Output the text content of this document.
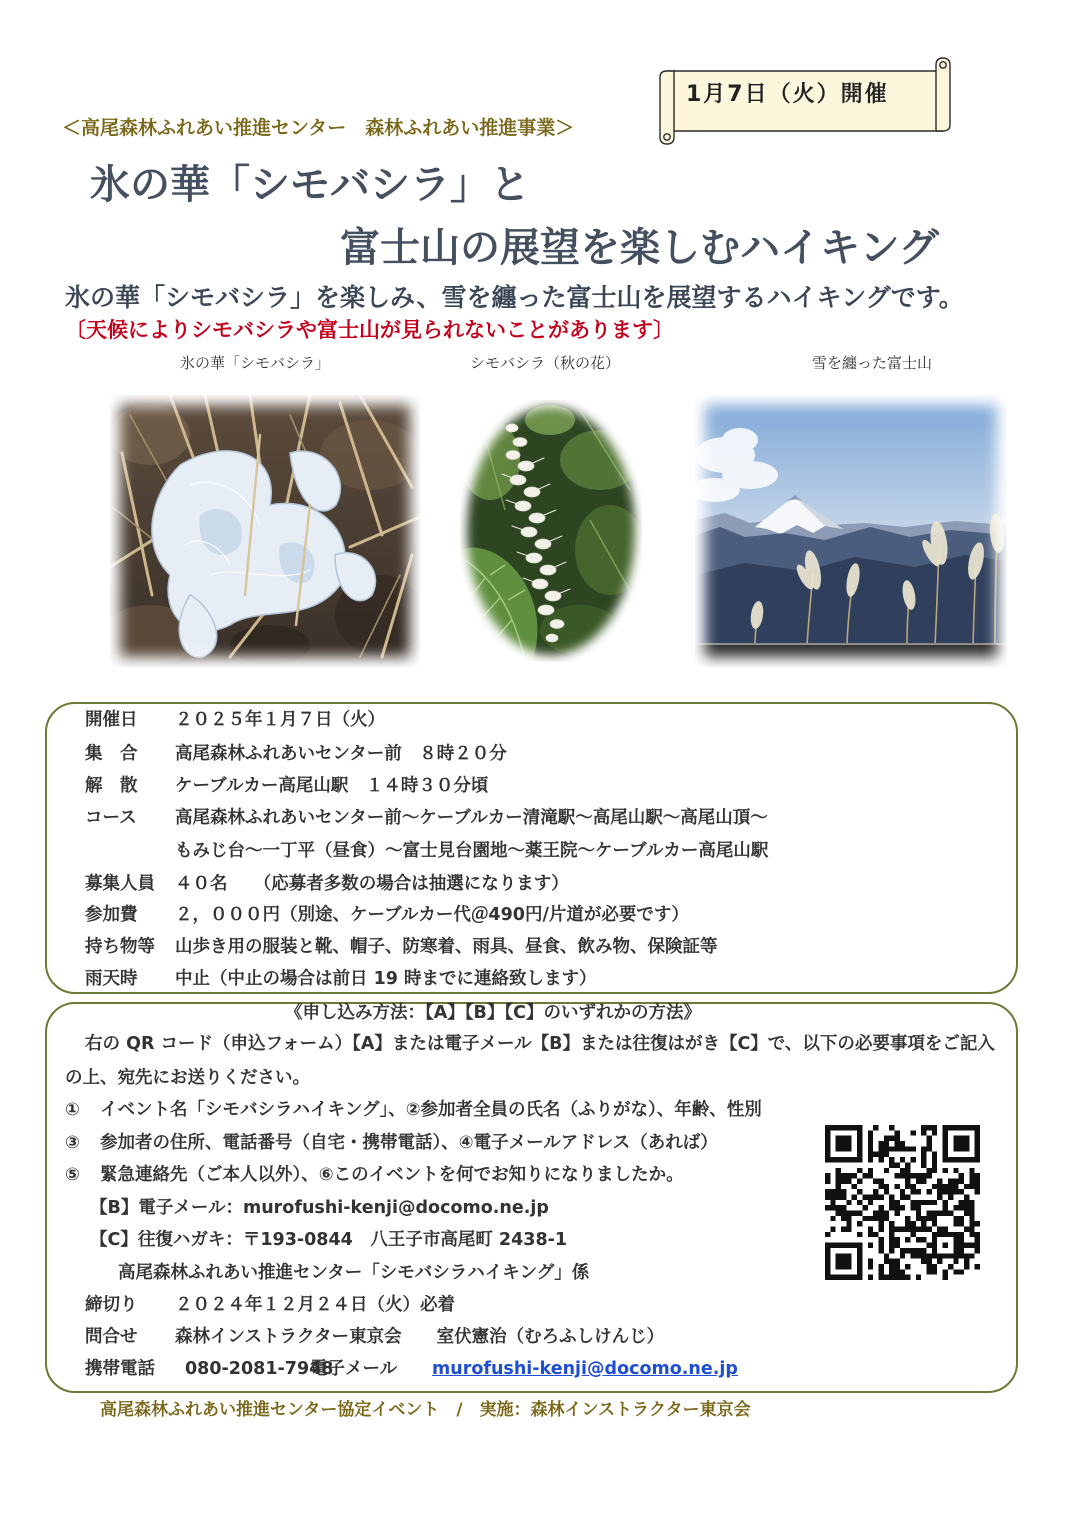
1月7日（火）開催
＜高尾森林ふれあい推進センター　森林ふれあい推進事業＞
氷の華「シモバシラ」と
富士山の展望を楽しむハイキング
氷の華「シモバシラ」を楽しみ、雪を纏った富士山を展望するハイキングです。
〔天候によりシモバシラや富士山が見られないことがあります〕
氷の華「シモバシラ」	シモバシラ（秋の花）	雪を纏った富士山
開催日 ２０２５年１月７日（火）
集　合 高尾森林ふれあいセンター前　８時２０分
解　散 ケーブルカー高尾山駅　１４時３０分頃
コース 高尾森林ふれあいセンター前～ケーブルカー清滝駅～高尾山駅～高尾山頂～
もみじ台～一丁平（昼食）～富士見台園地～薬王院～ケーブルカー高尾山駅
募集人員 ４０名　　（応募者多数の場合は抽選になります）
参加費 ２，０００円（別途、ケーブルカー代＠490円/片道が必要です）
持ち物等 山歩き用の服装と靴、帽子、防寒着、雨具、昼食、飲み物、保険証等
雨天時 中止（中止の場合は前日 19 時までに連絡致します）
《申し込み方法：【A】【B】【C】のいずれかの方法》
右の QR コード（申込フォーム）【A】または電子メール【B】または往復はがき【C】で、以下の必要事項をご記入
の上、宛先にお送りください。
① イベント名「シモバシラハイキング」、②参加者全員の氏名（ふりがな）、年齢、性別
③ 参加者の住所、電話番号（自宅・携帯電話）、④電子メールアドレス（あれば）
⑤ 緊急連絡先（ご本人以外）、⑥このイベントを何でお知りになりましたか。
【B】電子メール：murofushi-kenji@docomo.ne.jp
【C】往復ハガキ：〒193-0844　八王子市高尾町 2438-1
高尾森林ふれあい推進センター「シモバシラハイキング」係
締切り ２０２４年１２月２４日（火）必着
問合せ 森林インストラクター東京会　　室伏憲治（むろふしけんじ）
携帯電話 080-2081-7948
電子メール murofushi-kenji@docomo.ne.jp
高尾森林ふれあい推進センター協定イベント　/　実施：森林インストラクター東京会
